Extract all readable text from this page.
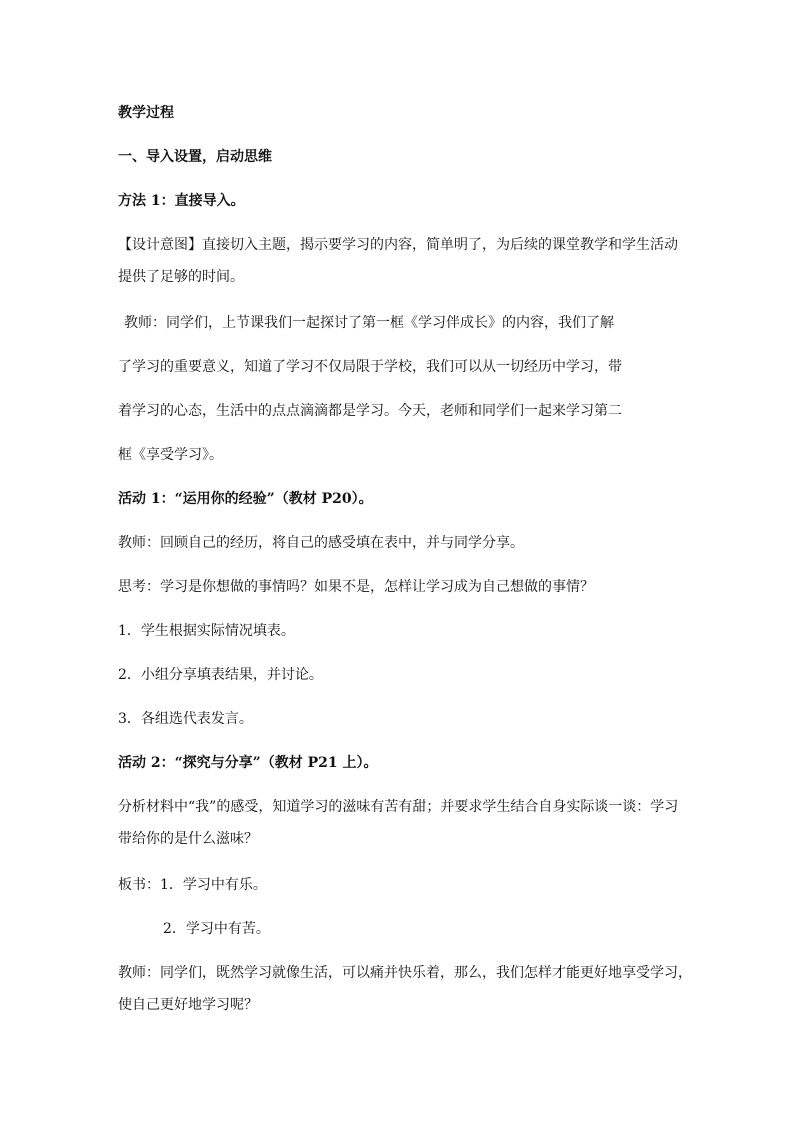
教学过程
一、导入设置，启动思维
方法 1：直接导入。
【设计意图】直接切入主题，揭示要学习的内容，简单明了，为后续的课堂教学和学生活动
提供了足够的时间。
教师：同学们，上节课我们一起探讨了第一框《学习伴成长》的内容，我们了解
了学习的重要意义，知道了学习不仅局限于学校，我们可以从一切经历中学习，带
着学习的心态，生活中的点点滴滴都是学习。今天，老师和同学们一起来学习第二
框《享受学习》。
活动 1：“运用你的经验”（教材 P20）。
教师：回顾自己的经历，将自己的感受填在表中，并与同学分享。
思考：学习是你想做的事情吗？如果不是，怎样让学习成为自己想做的事情？
1．学生根据实际情况填表。
2．小组分享填表结果，并讨论。
3．各组选代表发言。
活动 2：“探究与分享”（教材 P21 上）。
分析材料中“我”的感受，知道学习的滋味有苦有甜；并要求学生结合自身实际谈一谈：学习
带给你的是什么滋味？
板书：1．学习中有乐。
2．学习中有苦。
教师：同学们，既然学习就像生活，可以痛并快乐着，那么，我们怎样才能更好地享受学习，
使自己更好地学习呢？
